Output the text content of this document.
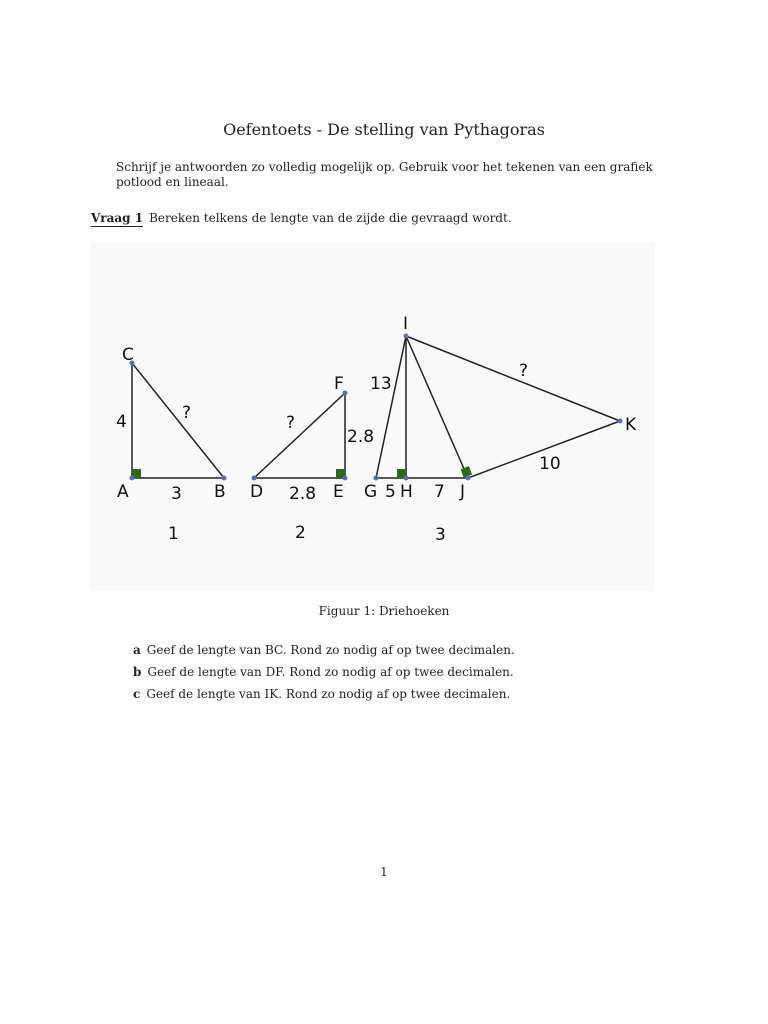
Oefentoets - De stelling van Pythagoras
Schrijf je antwoorden zo volledig mogelijk op. Gebruik voor het tekenen van een grafiek potlood en lineaal.
Vraag 1 Bereken telkens de lengte van de zijde die gevraagd wordt.
C
4	?
A 3 B
1
F
?
2.8
D 2.8 E
2
I
13
?
K
10
G 5 H 7 J
3
Figuur 1: Driehoeken
a Geef de lengte van BC. Rond zo nodig af op twee decimalen.
b Geef de lengte van DF. Rond zo nodig af op twee decimalen.
c Geef de lengte van IK. Rond zo nodig af op twee decimalen.
1
